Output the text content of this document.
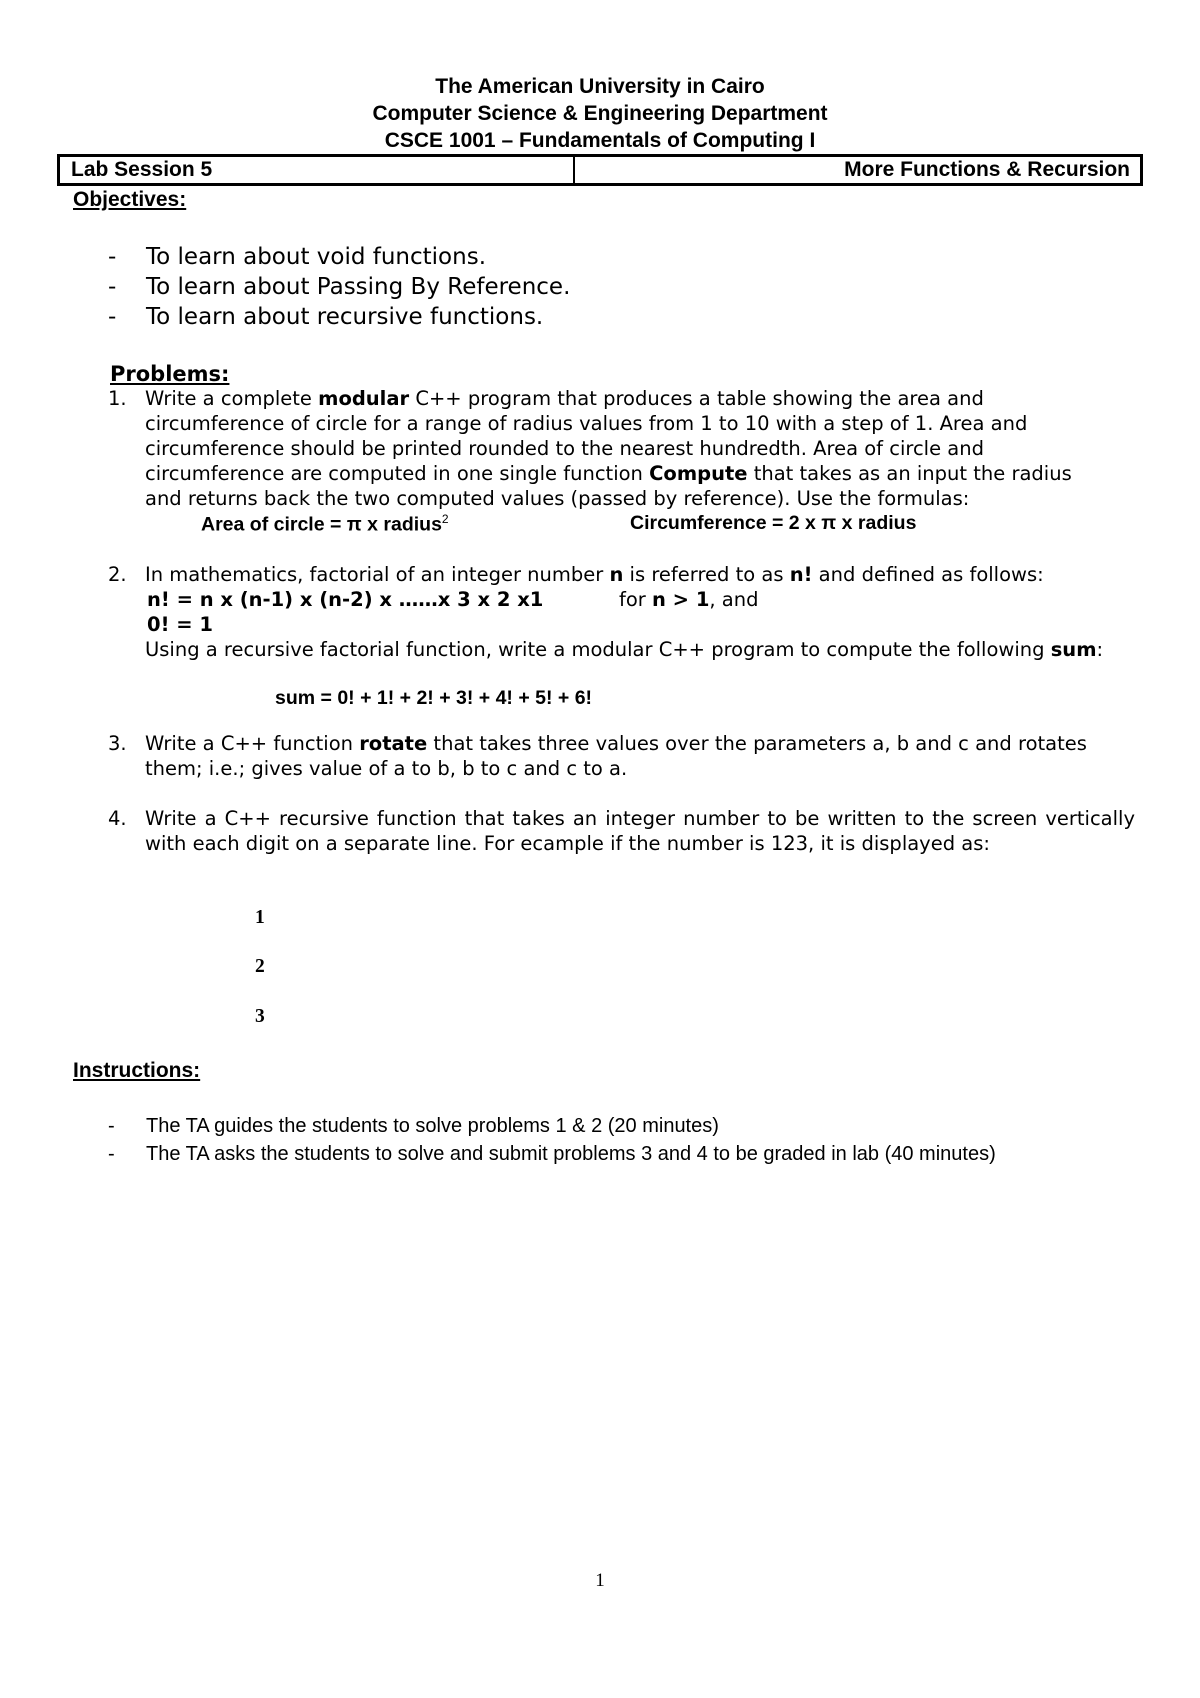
The American University in Cairo
Computer Science & Engineering Department
CSCE 1001 – Fundamentals of Computing I
Lab Session 5	More Functions & Recursion
Objectives:
- To learn about void functions.
- To learn about Passing By Reference.
- To learn about recursive functions.
Problems:
1. Write a complete modular C++ program that produces a table showing the area and circumference of circle for a range of radius values from 1 to 10 with a step of 1. Area and circumference should be printed rounded to the nearest hundredth. Area of circle and circumference are computed in one single function Compute that takes as an input the radius and returns back the two computed values (passed by reference). Use the formulas:
Area of circle = π x radius$^2$	Circumference = 2 x π x radius
2. In mathematics, factorial of an integer number n is referred to as n! and defined as follows:
n! = n x (n-1) x (n-2) x ……x 3 x 2 x1	for n > 1, and
0! = 1
Using a recursive factorial function, write a modular C++ program to compute the following sum:
sum = 0! + 1! + 2! + 3! + 4! + 5! + 6!
3. Write a C++ function rotate that takes three values over the parameters a, b and c and rotates them; i.e.; gives value of a to b, b to c and c to a.
4. Write a C++ recursive function that takes an integer number to be written to the screen vertically with each digit on a separate line. For ecample if the number is 123, it is displayed as:
1
2
3
Instructions:
- The TA guides the students to solve problems 1 & 2 (20 minutes)
- The TA asks the students to solve and submit problems 3 and 4 to be graded in lab (40 minutes)
1
